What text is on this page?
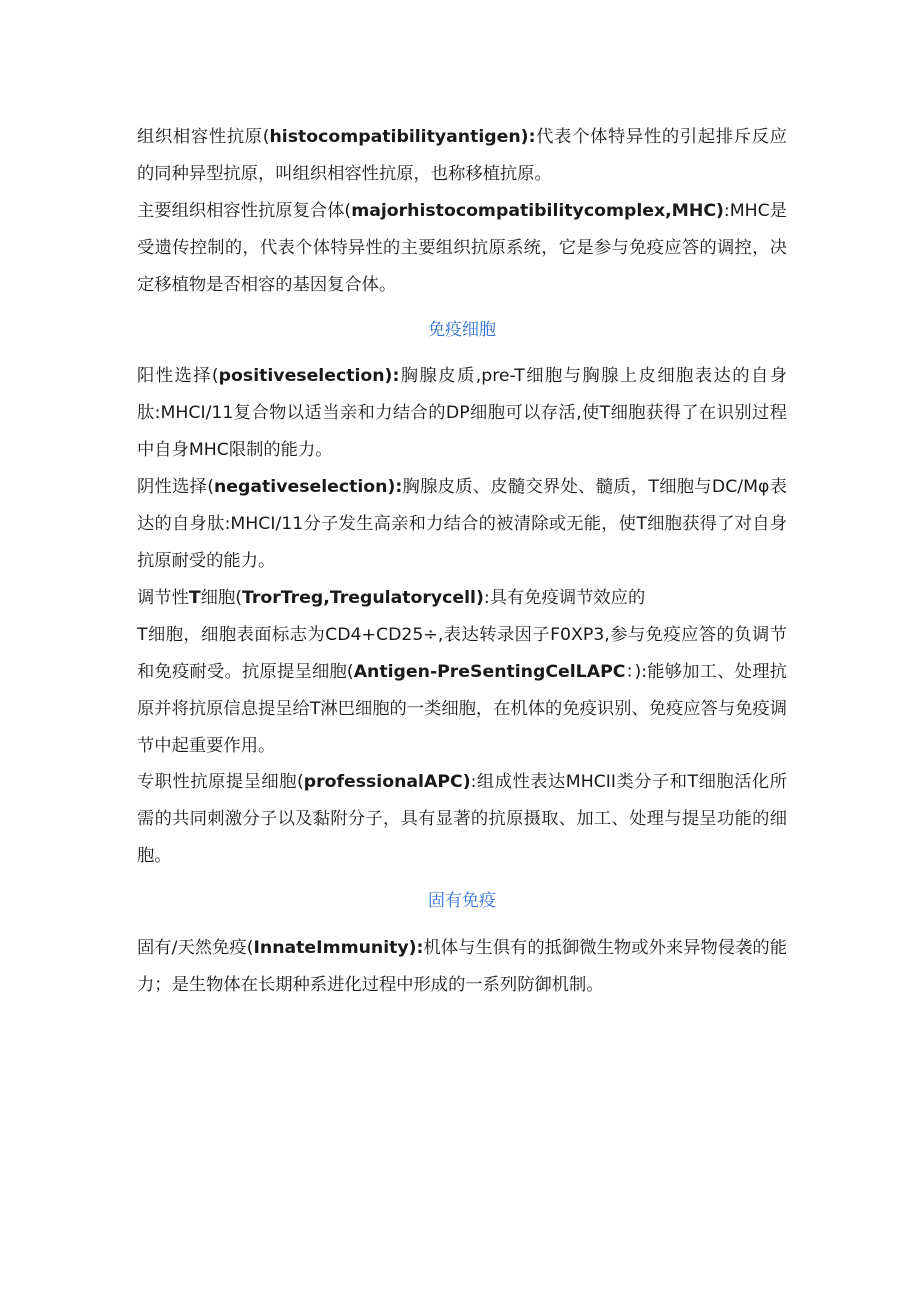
组织相容性抗原(histocompatibilityantigen):代表个体特异性的引起排斥反应的同种异型抗原，叫组织相容性抗原，也称移植抗原。

主要组织相容性抗原复合体(majorhistocompatibilitycomplex,MHC):MHC是受遗传控制的，代表个体特异性的主要组织抗原系统，它是参与免疫应答的调控，决定移植物是否相容的基因复合体。

免疫细胞

阳性选择(positiveselection):胸腺皮质,pre-T细胞与胸腺上皮细胞表达的自身肽:MHCI/11复合物以适当亲和力结合的DP细胞可以存活,使T细胞获得了在识别过程中自身MHC限制的能力。

阴性选择(negativeselection):胸腺皮质、皮髓交界处、髓质，T细胞与DC/Mφ表达的自身肽:MHCI/11分子发生高亲和力结合的被清除或无能，使T细胞获得了对自身抗原耐受的能力。

调节性T细胞(TrorTreg,Tregulatorycell):具有免疫调节效应的

T细胞，细胞表面标志为CD4+CD25÷,表达转录因子F0XP3,参与免疫应答的负调节和免疫耐受。抗原提呈细胞(Antigen-PreSentingCelLAPC：):能够加工、处理抗原并将抗原信息提呈给T淋巴细胞的一类细胞，在机体的免疫识别、免疫应答与免疫调节中起重要作用。

专职性抗原提呈细胞(professionalAPC):组成性表达MHCII类分子和T细胞活化所需的共同刺激分子以及黏附分子，具有显著的抗原摄取、加工、处理与提呈功能的细胞。

固有免疫

固有/天然免疫(InnateImmunity):机体与生俱有的抵御微生物或外来异物侵袭的能力；是生物体在长期种系进化过程中形成的一系列防御机制。
